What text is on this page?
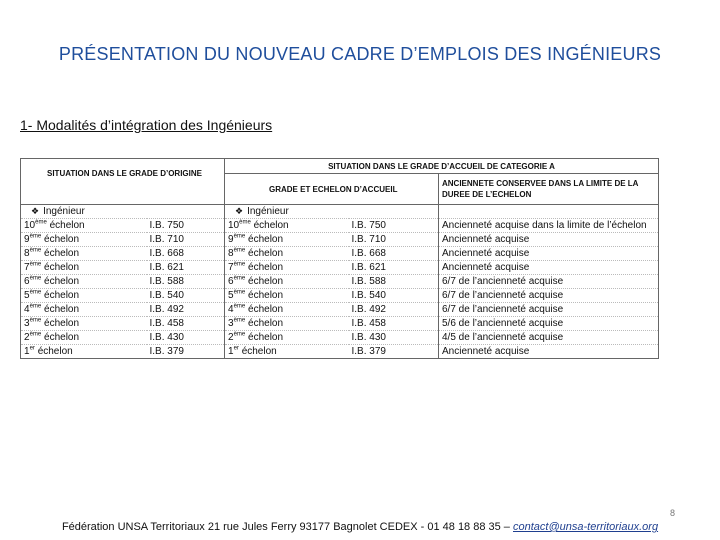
PRÉSENTATION DU NOUVEAU CADRE D’EMPLOIS DES INGÉNIEURS
1- Modalités d’intégration des Ingénieurs
SITUATION DANS LE GRADE D’ORIGINE		SITUATION DANS LE GRADE D’ACCUEIL DE CATEGORIE A		
		GRADE ET ECHELON D’ACCUEIL		ANCIENNETE CONSERVEE DANS LA LIMITE DE LA DUREE DE L’ECHELON
❖ Ingénieur		❖ Ingénieur		
10ème échelon	I.B. 750	10ème échelon	I.B. 750	Ancienneté acquise dans la limite de l’échelon
9ème échelon	I.B. 710	9ème échelon	I.B. 710	Ancienneté acquise
8ème échelon	I.B. 668	8ème échelon	I.B. 668	Ancienneté acquise
7ème échelon	I.B. 621	7ème échelon	I.B. 621	Ancienneté acquise
6ème échelon	I.B. 588	6ème échelon	I.B. 588	6/7 de l’ancienneté acquise
5ème échelon	I.B. 540	5ème échelon	I.B. 540	6/7 de l’ancienneté acquise
4ème échelon	I.B. 492	4ème échelon	I.B. 492	6/7 de l’ancienneté acquise
3ème échelon	I.B. 458	3ème échelon	I.B. 458	5/6 de l’ancienneté acquise
2ème échelon	I.B. 430	2ème échelon	I.B. 430	4/5 de l’ancienneté acquise
1er échelon	I.B. 379	1er échelon	I.B. 379	Ancienneté acquise
8
Fédération UNSA Territoriaux 21 rue Jules Ferry 93177 Bagnolet CEDEX - 01 48 18 88 35 – contact@unsa-territoriaux.org
